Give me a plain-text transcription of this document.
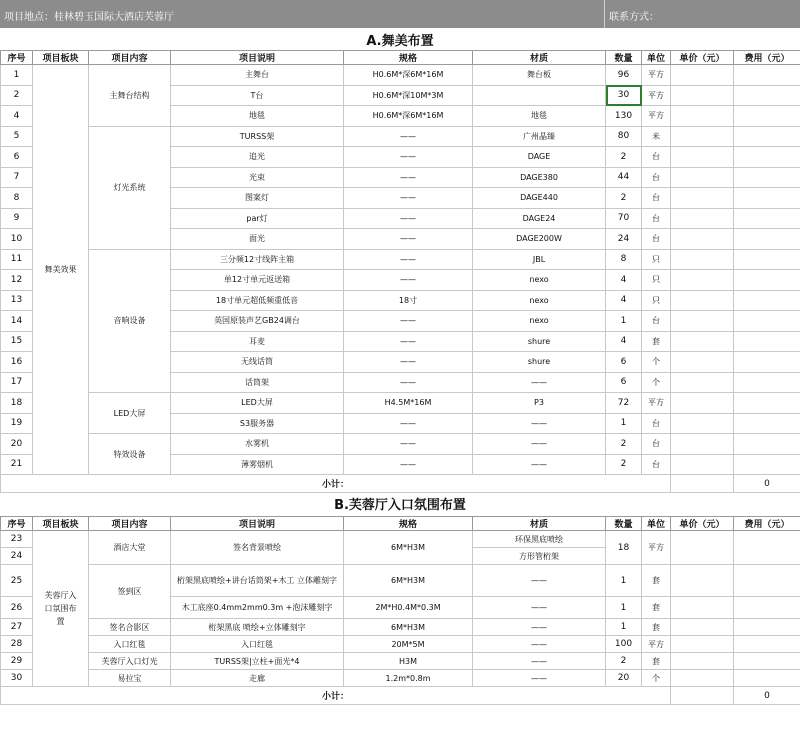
项目地点：桂林碧玉国际大酒店芙蓉厅	联系方式：
A.舞美布置
序号	项目板块	项目内容	项目说明	规格	材质	数量	单位	单价（元）	费用（元）
1	舞美效果	主舞台结构	主舞台	H0.6M*深6M*16M	舞台板	96	平方		
2			T台	H0.6M*深10M*3M		30	平方		
4			地毯	H0.6M*深6M*16M	地毯	130	平方		
5		灯光系统	TURSS架	——	广州晶臻	80	米		
6			追光	——	DAGE	2	台		
7			光束	——	DAGE380	44	台		
8			图案灯	——	DAGE440	2	台		
9			par灯	——	DAGE24	70	台		
10			面光	——	DAGE200W	24	台		
11		音响设备	三分频12寸线阵主箱	——	JBL	8	只		
12			单12寸单元返送箱	——	nexo	4	只		
13			18寸单元超低频重低音	18寸	nexo	4	只		
14			英国原装声艺GB24调台	——	nexo	1	台		
15			耳麦	——	shure	4	套		
16			无线话筒	——	shure	6	个		
17			话筒架	——	——	6	个		
18		LED大屏	LED大屏	H4.5M*16M	P3	72	平方		
19			S3服务器	——	——	1	台		
20		特效设备	水雾机	——	——	2	台		
21			薄雾烟机	——	——	2	台		
小计：									0
B.芙蓉厅入口氛围布置
序号	项目板块	项目内容	项目说明	规格	材质	数量	单位	单价（元）	费用（元）
23	芙蓉厅入口氛围布置	酒店大堂	签名背景喷绘	6M*H3M	环保黑底喷绘	18	平方		
24					方形管桁架				
25		签到区	桁架黑底喷绘+讲台话筒架+木工 立体雕刻字	6M*H3M	——	1	套		
26			木工底座0.4mm2mm0.3m +泡沫雕刻字	2M*H0.4M*0.3M	——	1	套		
27		签名合影区	桁架黑底 喷绘+立体雕刻字	6M*H3M	——	1	套		
28		入口红毯	入口红毯	20M*5M	——	100	平方		
29		芙蓉厅入口灯光	TURSS架|立柱+面光*4	H3M	——	2	套		
30		易拉宝	走廊	1.2m*0.8m	——	20	个		
小计：									0
